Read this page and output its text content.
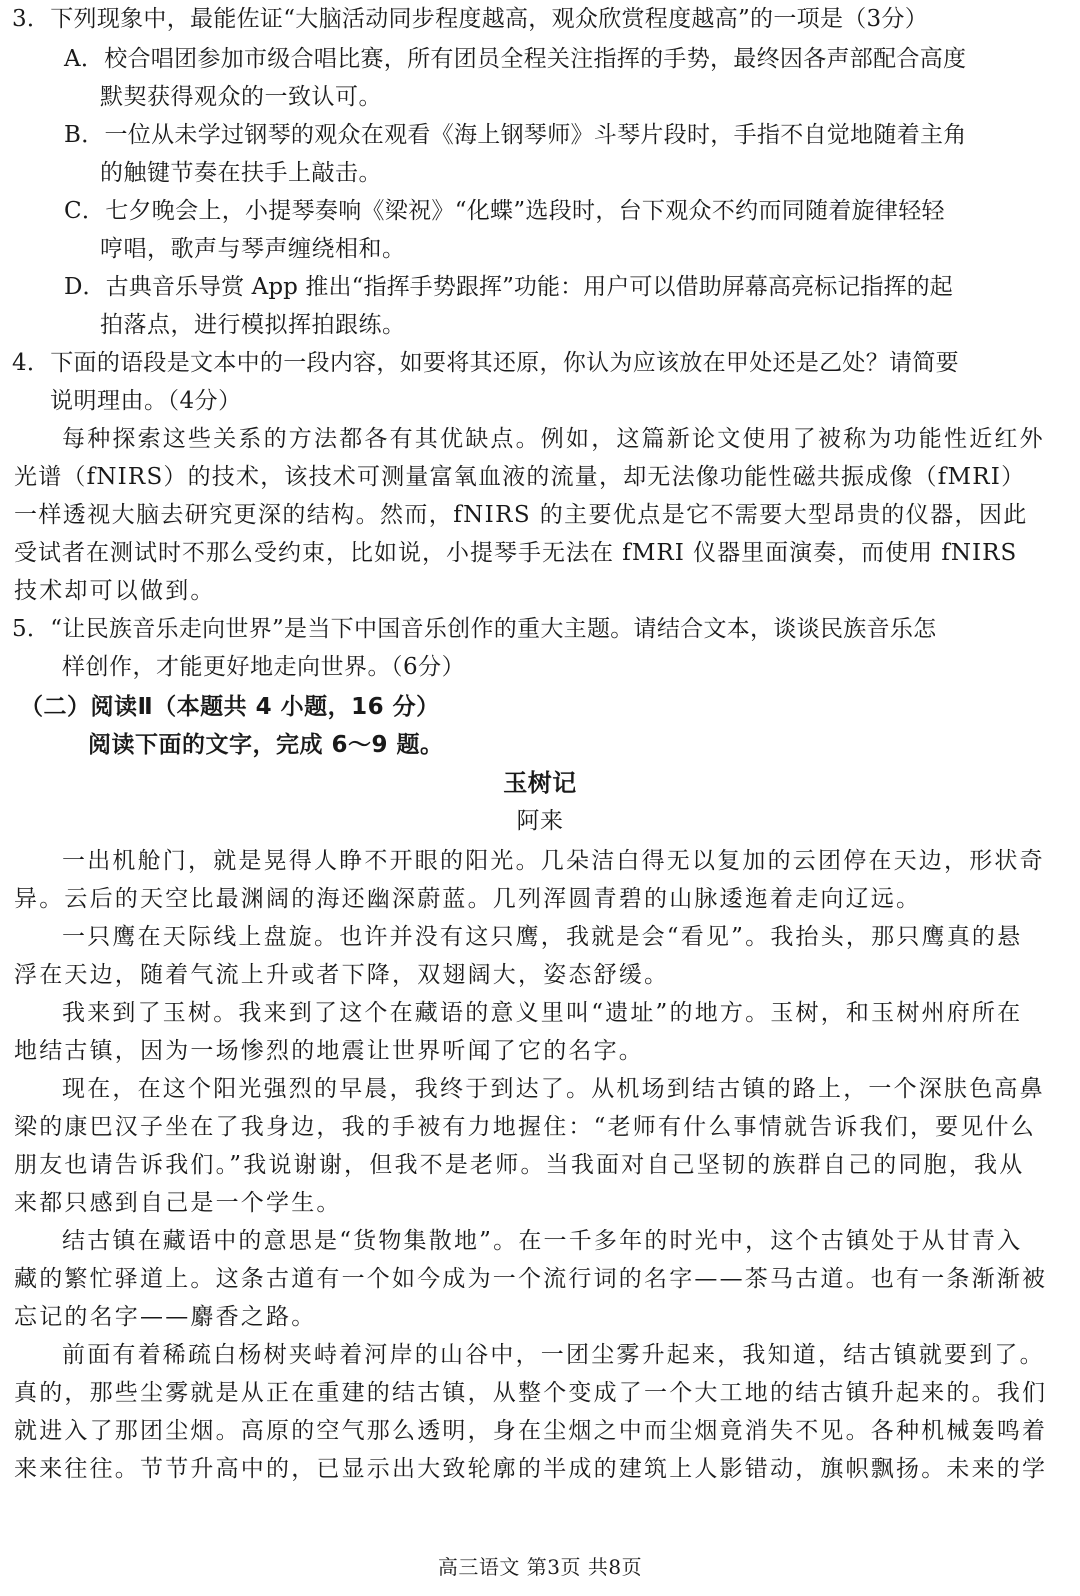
3．下列现象中，最能佐证“大脑活动同步程度越高，观众欣赏程度越高”的一项是（3分）
A．校合唱团参加市级合唱比赛，所有团员全程关注指挥的手势，最终因各声部配合高度
默契获得观众的一致认可。
B．一位从未学过钢琴的观众在观看《海上钢琴师》斗琴片段时，手指不自觉地随着主角
的触键节奏在扶手上敲击。
C．七夕晚会上，小提琴奏响《梁祝》“化蝶”选段时，台下观众不约而同随着旋律轻轻
哼唱，歌声与琴声缠绕相和。
D．古典音乐导赏 App 推出“指挥手势跟挥”功能：用户可以借助屏幕高亮标记指挥的起
拍落点，进行模拟挥拍跟练。
4．下面的语段是文本中的一段内容，如要将其还原，你认为应该放在甲处还是乙处？请简要
说明理由。（4分）
每种探索这些关系的方法都各有其优缺点。例如，这篇新论文使用了被称为功能性近红外
光谱（fNIRS）的技术，该技术可测量富氧血液的流量，却无法像功能性磁共振成像（fMRI）
一样透视大脑去研究更深的结构。然而，fNIRS 的主要优点是它不需要大型昂贵的仪器，因此
受试者在测试时不那么受约束，比如说，小提琴手无法在 fMRI 仪器里面演奏，而使用 fNIRS
技术却可以做到。
5．“让民族音乐走向世界”是当下中国音乐创作的重大主题。请结合文本，谈谈民族音乐怎
样创作，才能更好地走向世界。（6分）
（二）阅读Ⅱ（本题共 4 小题，16 分）
阅读下面的文字，完成 6～9 题。
玉树记
阿来
一出机舱门，就是晃得人睁不开眼的阳光。几朵洁白得无以复加的云团停在天边，形状奇
异。云后的天空比最渊阔的海还幽深蔚蓝。几列浑圆青碧的山脉逶迤着走向辽远。
一只鹰在天际线上盘旋。也许并没有这只鹰，我就是会“看见”。我抬头，那只鹰真的悬
浮在天边，随着气流上升或者下降，双翅阔大，姿态舒缓。
我来到了玉树。我来到了这个在藏语的意义里叫“遗址”的地方。玉树，和玉树州府所在
地结古镇，因为一场惨烈的地震让世界听闻了它的名字。
现在，在这个阳光强烈的早晨，我终于到达了。从机场到结古镇的路上，一个深肤色高鼻
梁的康巴汉子坐在了我身边，我的手被有力地握住：“老师有什么事情就告诉我们，要见什么
朋友也请告诉我们。”我说谢谢，但我不是老师。当我面对自己坚韧的族群自己的同胞，我从
来都只感到自己是一个学生。
结古镇在藏语中的意思是“货物集散地”。在一千多年的时光中，这个古镇处于从甘青入
藏的繁忙驿道上。这条古道有一个如今成为一个流行词的名字——茶马古道。也有一条渐渐被
忘记的名字——麝香之路。
前面有着稀疏白杨树夹峙着河岸的山谷中，一团尘雾升起来，我知道，结古镇就要到了。
真的，那些尘雾就是从正在重建的结古镇，从整个变成了一个大工地的结古镇升起来的。我们
就进入了那团尘烟。高原的空气那么透明，身在尘烟之中而尘烟竟消失不见。各种机械轰鸣着
来来往往。节节升高中的，已显示出大致轮廓的半成的建筑上人影错动，旗帜飘扬。未来的学
高三语文 第3页 共8页
